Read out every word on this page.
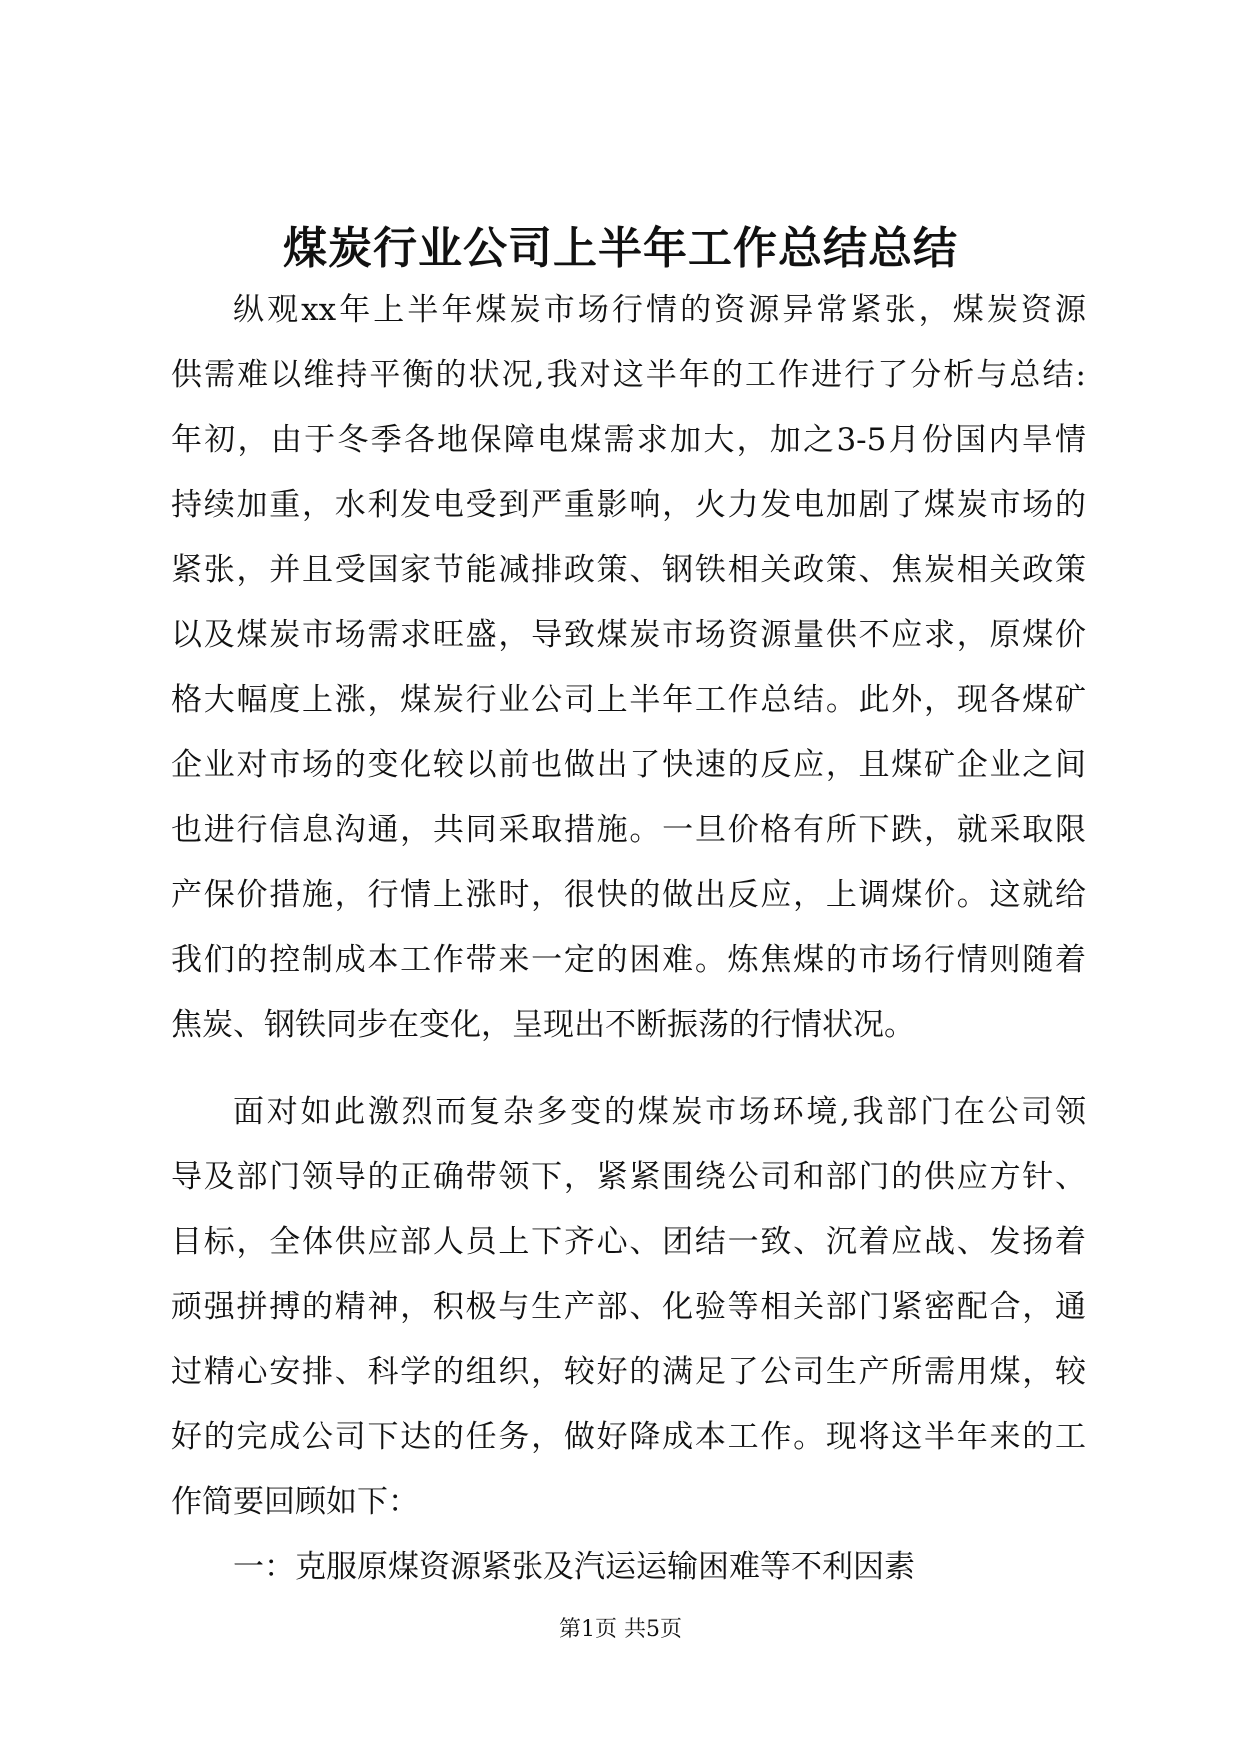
煤炭行业公司上半年工作总结总结
纵观xx年上半年煤炭市场行情的资源异常紧张，煤炭资源
供需难以维持平衡的状况,我对这半年的工作进行了分析与总结:
年初，由于冬季各地保障电煤需求加大，加之3-5月份国内旱情
持续加重，水利发电受到严重影响，火力发电加剧了煤炭市场的
紧张，并且受国家节能减排政策、钢铁相关政策、焦炭相关政策
以及煤炭市场需求旺盛，导致煤炭市场资源量供不应求，原煤价
格大幅度上涨，煤炭行业公司上半年工作总结。此外，现各煤矿
企业对市场的变化较以前也做出了快速的反应，且煤矿企业之间
也进行信息沟通，共同采取措施。一旦价格有所下跌，就采取限
产保价措施，行情上涨时，很快的做出反应，上调煤价。这就给
我们的控制成本工作带来一定的困难。炼焦煤的市场行情则随着
焦炭、钢铁同步在变化，呈现出不断振荡的行情状况。
面对如此激烈而复杂多变的煤炭市场环境,我部门在公司领
导及部门领导的正确带领下，紧紧围绕公司和部门的供应方针、
目标，全体供应部人员上下齐心、团结一致、沉着应战、发扬着
顽强拼搏的精神，积极与生产部、化验等相关部门紧密配合，通
过精心安排、科学的组织，较好的满足了公司生产所需用煤，较
好的完成公司下达的任务，做好降成本工作。现将这半年来的工
作简要回顾如下：
一：克服原煤资源紧张及汽运运输困难等不利因素
第1页 共5页
